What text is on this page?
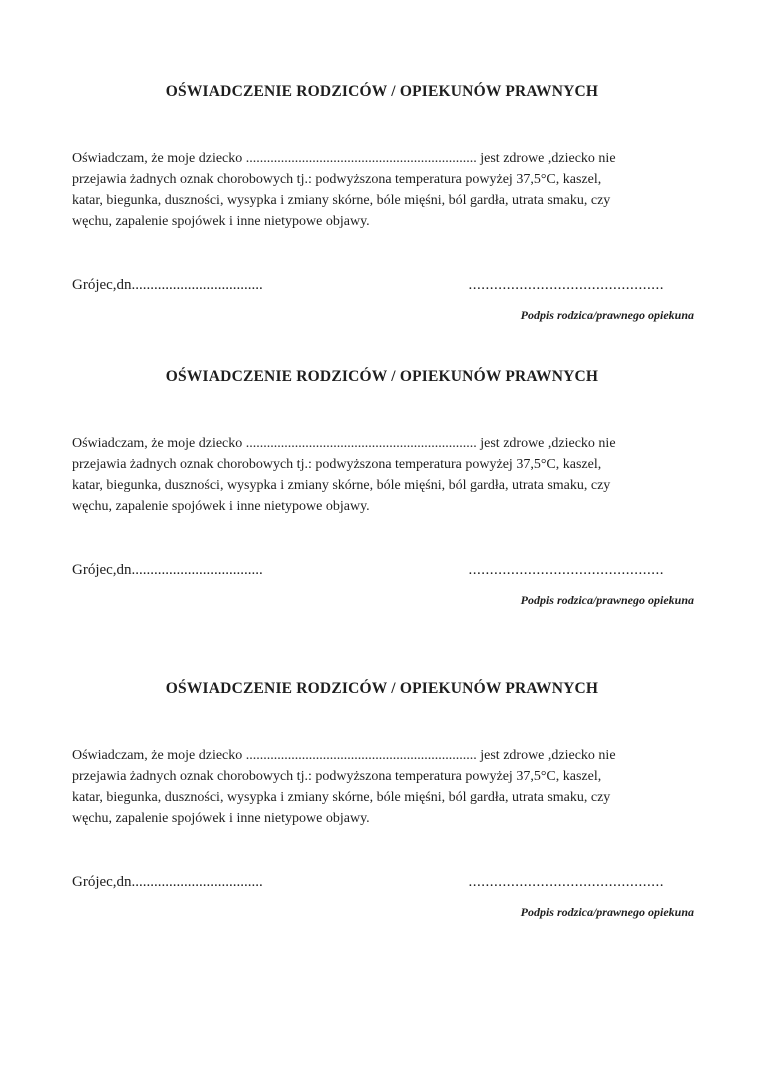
OŚWIADCZENIE RODZICÓW / OPIEKUNÓW PRAWNYCH
Oświadczam, że moje dziecko .................................................................. jest zdrowe ,dziecko nie
przejawia żadnych oznak chorobowych tj.: podwyższona temperatura powyżej 37,5°C, kaszel,
katar, biegunka, duszności, wysypka i zmiany skórne, bóle mięśni, ból gardła, utrata smaku, czy
węchu, zapalenie spojówek i inne nietypowe objawy.
Grójec,dn...................................	..............................................
Podpis rodzica/prawnego opiekuna
OŚWIADCZENIE RODZICÓW / OPIEKUNÓW PRAWNYCH
Oświadczam, że moje dziecko .................................................................. jest zdrowe ,dziecko nie
przejawia żadnych oznak chorobowych tj.: podwyższona temperatura powyżej 37,5°C, kaszel,
katar, biegunka, duszności, wysypka i zmiany skórne, bóle mięśni, ból gardła, utrata smaku, czy
węchu, zapalenie spojówek i inne nietypowe objawy.
Grójec,dn...................................	..............................................
Podpis rodzica/prawnego opiekuna
OŚWIADCZENIE RODZICÓW / OPIEKUNÓW PRAWNYCH
Oświadczam, że moje dziecko .................................................................. jest zdrowe ,dziecko nie
przejawia żadnych oznak chorobowych tj.: podwyższona temperatura powyżej 37,5°C, kaszel,
katar, biegunka, duszności, wysypka i zmiany skórne, bóle mięśni, ból gardła, utrata smaku, czy
węchu, zapalenie spojówek i inne nietypowe objawy.
Grójec,dn...................................	..............................................
Podpis rodzica/prawnego opiekuna
